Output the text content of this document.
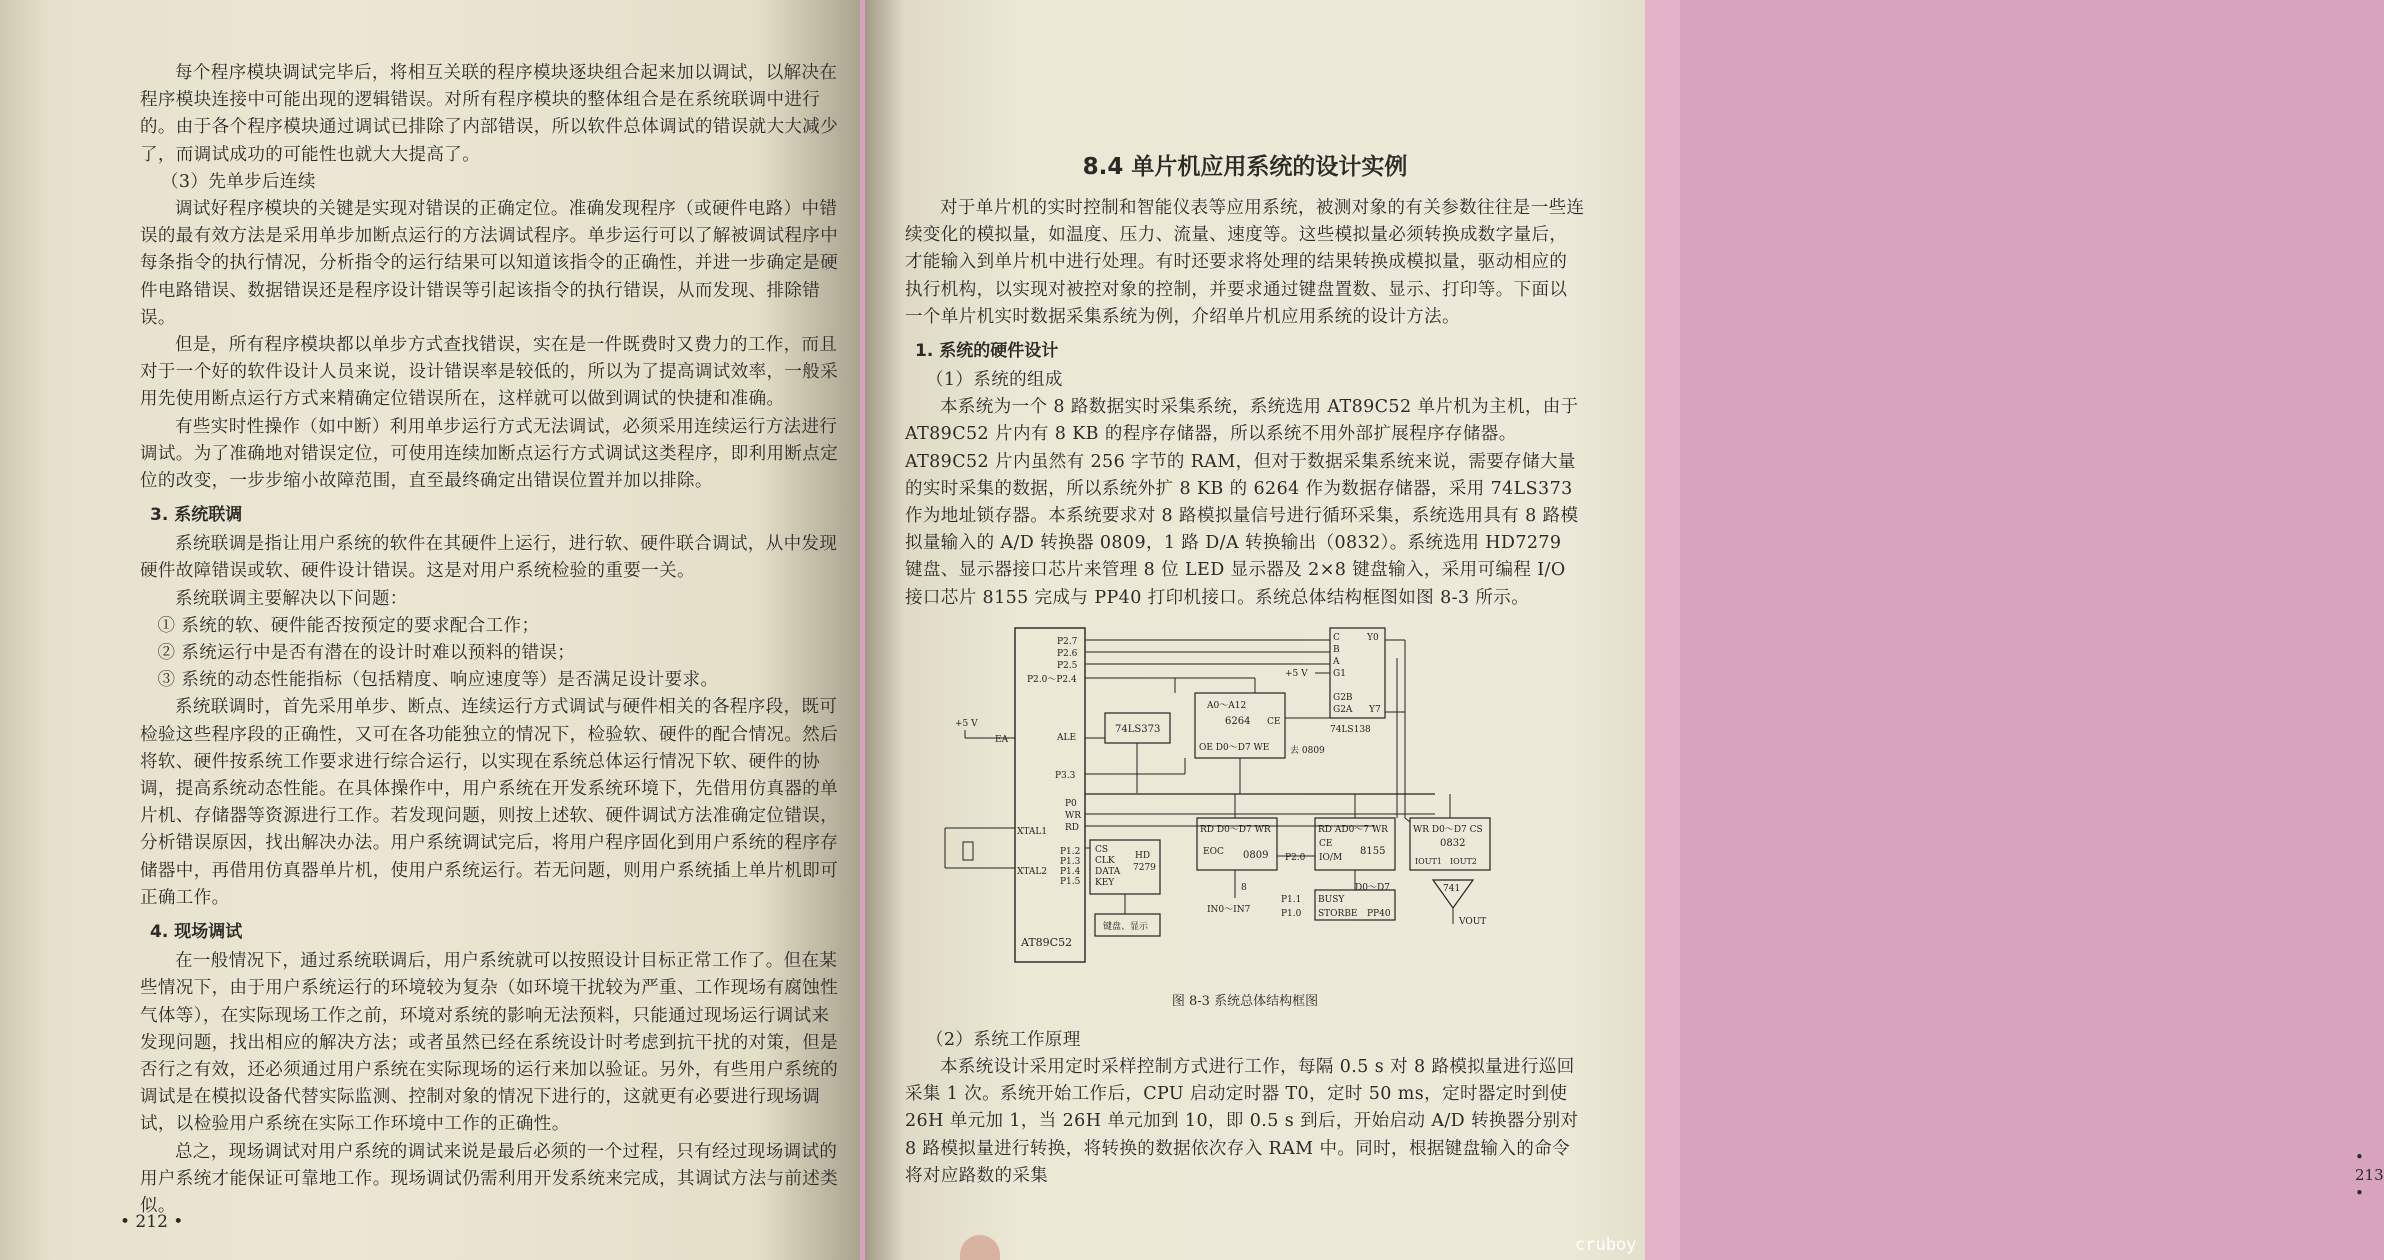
每个程序模块调试完毕后，将相互关联的程序模块逐块组合起来加以调试，以解决在程序模块连接中可能出现的逻辑错误。对所有程序模块的整体组合是在系统联调中进行的。由于各个程序模块通过调试已排除了内部错误，所以软件总体调试的错误就大大减少了，而调试成功的可能性也就大大提高了。

（3）先单步后连续

调试好程序模块的关键是实现对错误的正确定位。准确发现程序（或硬件电路）中错误的最有效方法是采用单步加断点运行的方法调试程序。单步运行可以了解被调试程序中每条指令的执行情况，分析指令的运行结果可以知道该指令的正确性，并进一步确定是硬件电路错误、数据错误还是程序设计错误等引起该指令的执行错误，从而发现、排除错误。

但是，所有程序模块都以单步方式查找错误，实在是一件既费时又费力的工作，而且对于一个好的软件设计人员来说，设计错误率是较低的，所以为了提高调试效率，一般采用先使用断点运行方式来精确定位错误所在，这样就可以做到调试的快捷和准确。

有些实时性操作（如中断）利用单步运行方式无法调试，必须采用连续运行方法进行调试。为了准确地对错误定位，可使用连续加断点运行方式调试这类程序，即利用断点定位的改变，一步步缩小故障范围，直至最终确定出错误位置并加以排除。

3. 系统联调

系统联调是指让用户系统的软件在其硬件上运行，进行软、硬件联合调试，从中发现硬件故障错误或软、硬件设计错误。这是对用户系统检验的重要一关。

系统联调主要解决以下问题：

① 系统的软、硬件能否按预定的要求配合工作；

② 系统运行中是否有潜在的设计时难以预料的错误；

③ 系统的动态性能指标（包括精度、响应速度等）是否满足设计要求。

系统联调时，首先采用单步、断点、连续运行方式调试与硬件相关的各程序段，既可检验这些程序段的正确性，又可在各功能独立的情况下，检验软、硬件的配合情况。然后将软、硬件按系统工作要求进行综合运行，以实现在系统总体运行情况下软、硬件的协调，提高系统动态性能。在具体操作中，用户系统在开发系统环境下，先借用仿真器的单片机、存储器等资源进行工作。若发现问题，则按上述软、硬件调试方法准确定位错误，分析错误原因，找出解决办法。用户系统调试完后，将用户程序固化到用户系统的程序存储器中，再借用仿真器单片机，使用户系统运行。若无问题，则用户系统插上单片机即可正确工作。

4. 现场调试

在一般情况下，通过系统联调后，用户系统就可以按照设计目标正常工作了。但在某些情况下，由于用户系统运行的环境较为复杂（如环境干扰较为严重、工作现场有腐蚀性气体等），在实际现场工作之前，环境对系统的影响无法预料，只能通过现场运行调试来发现问题，找出相应的解决方法；或者虽然已经在系统设计时考虑到抗干扰的对策，但是否行之有效，还必须通过用户系统在实际现场的运行来加以验证。另外，有些用户系统的调试是在模拟设备代替实际监测、控制对象的情况下进行的，这就更有必要进行现场调试，以检验用户系统在实际工作环境中工作的正确性。

总之，现场调试对用户系统的调试来说是最后必须的一个过程，只有经过现场调试的用户系统才能保证可靠地工作。现场调试仍需利用开发系统来完成，其调试方法与前述类似。

• 212 •
8.4 单片机应用系统的设计实例

对于单片机的实时控制和智能仪表等应用系统，被测对象的有关参数往往是一些连续变化的模拟量，如温度、压力、流量、速度等。这些模拟量必须转换成数字量后，才能输入到单片机中进行处理。有时还要求将处理的结果转换成模拟量，驱动相应的执行机构，以实现对被控对象的控制，并要求通过键盘置数、显示、打印等。下面以一个单片机实时数据采集系统为例，介绍单片机应用系统的设计方法。

1. 系统的硬件设计

（1）系统的组成

本系统为一个 8 路数据实时采集系统，系统选用 AT89C52 单片机为主机，由于 AT89C52 片内有 8 KB 的程序存储器，所以系统不用外部扩展程序存储器。AT89C52 片内虽然有 256 字节的 RAM，但对于数据采集系统来说，需要存储大量的实时采集的数据，所以系统外扩 8 KB 的 6264 作为数据存储器，采用 74LS373 作为地址锁存器。本系统要求对 8 路模拟量信号进行循环采集，系统选用具有 8 路模拟量输入的 A/D 转换器 0809，1 路 D/A 转换输出（0832）。系统选用 HD7279 键盘、显示器接口芯片来管理 8 位 LED 显示器及 2×8 键盘输入，采用可编程 I/O 接口芯片 8155 完成与 PP40 打印机接口。系统总体结构框图如图 8-3 所示。

AT89C52
P2.7
P2.6
P2.5
P2.0～P2.4
ALE
P3.3
P0
WR
RD
XTAL1
XTAL2
P1.2
P1.3
P1.4
P1.5
+5 V
EA
C
B
A
G1
G2B
G2A
Y0
Y7
74LS138
+5 V
74LS373
A0～A12
6264 CE
OE D0～D7 WE 去 0809
RD D0～D7 WR
EOC 0809
8
IN0～IN7
CS
CLK
DATA
KEY
HD
7279
键盘、显示
RD AD0～7 WR
CE
IO/M
8155
P2.0
BUSY
D0～D7
STORBE PP40
P1.1
P1.0
WR D0～D7 CS
0832
IOUT1 IOUT2
741
VOUT
图 8-3 系统总体结构框图

（2）系统工作原理

本系统设计采用定时采样控制方式进行工作，每隔 0.5 s 对 8 路模拟量进行巡回采集 1 次。系统开始工作后，CPU 启动定时器 T0，定时 50 ms，定时器定时到使 26H 单元加 1，当 26H 单元加到 10，即 0.5 s 到后，开始启动 A/D 转换器分别对 8 路模拟量进行转换，将转换的数据依次存入 RAM 中。同时，根据键盘输入的命令将对应路数的采集

• 213 •
cruboy
